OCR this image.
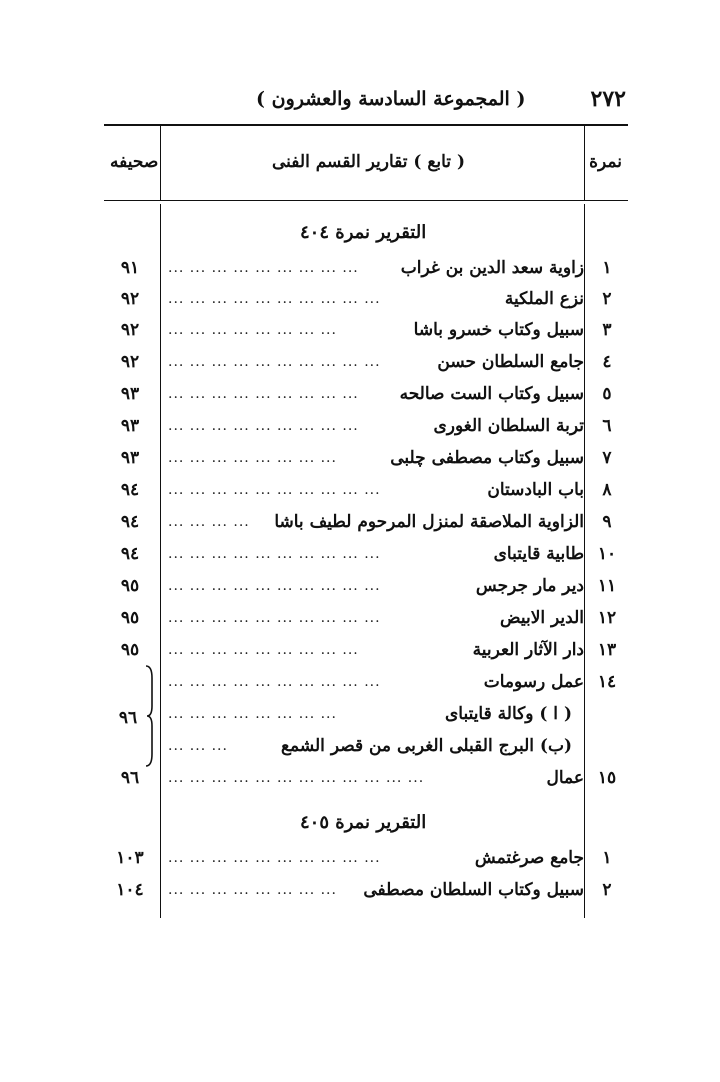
( المجموعة السادسة والعشرون )	٢٧٢
نمرة
( تابع ) تقارير القسم الفنى
صحيفه
التقرير نمرة ٤٠٤
١
زاوية سعد الدين بن غراب
... ... ... ... ... ... ... ... ...
٩١
٢
نزع الملكية
... ... ... ... ... ... ... ... ... ...
٩٢
٣
سبيل وكتاب خسرو باشا
... ... ... ... ... ... ... ...
٩٢
٤
جامع السلطان حسن
... ... ... ... ... ... ... ... ... ...
٩٢
٥
سبيل وكتاب الست صالحه
... ... ... ... ... ... ... ... ...
٩٣
٦
تربة السلطان الغورى
... ... ... ... ... ... ... ... ...
٩٣
٧
سبيل وكتاب مصطفى چلبى
... ... ... ... ... ... ... ...
٩٣
٨
باب البادستان
... ... ... ... ... ... ... ... ... ...
٩٤
٩
الزاوية الملاصقة لمنزل المرحوم لطيف باشا
... ... ... ...
٩٤
١٠
طابية قايتباى
... ... ... ... ... ... ... ... ... ...
٩٤
١١
دير مار جرجس
... ... ... ... ... ... ... ... ... ...
٩٥
١٢
الدير الابيض
... ... ... ... ... ... ... ... ... ...
٩٥
١٣
دار الآثار العربية
... ... ... ... ... ... ... ... ...
٩٥
١٤
عمل رسومات
... ... ... ... ... ... ... ... ... ...
( ا ) وكالة قايتباى
... ... ... ... ... ... ... ...
(ب) البرج القبلى الغربى من قصر الشمع
... ... ...
٩٦
١٥
عمال
... ... ... ... ... ... ... ... ... ... ... ...
٩٦
التقرير نمرة ٤٠٥
١
جامع صرغتمش
... ... ... ... ... ... ... ... ... ...
١٠٣
٢
سبيل وكتاب السلطان مصطفى
... ... ... ... ... ... ... ...
١٠٤
